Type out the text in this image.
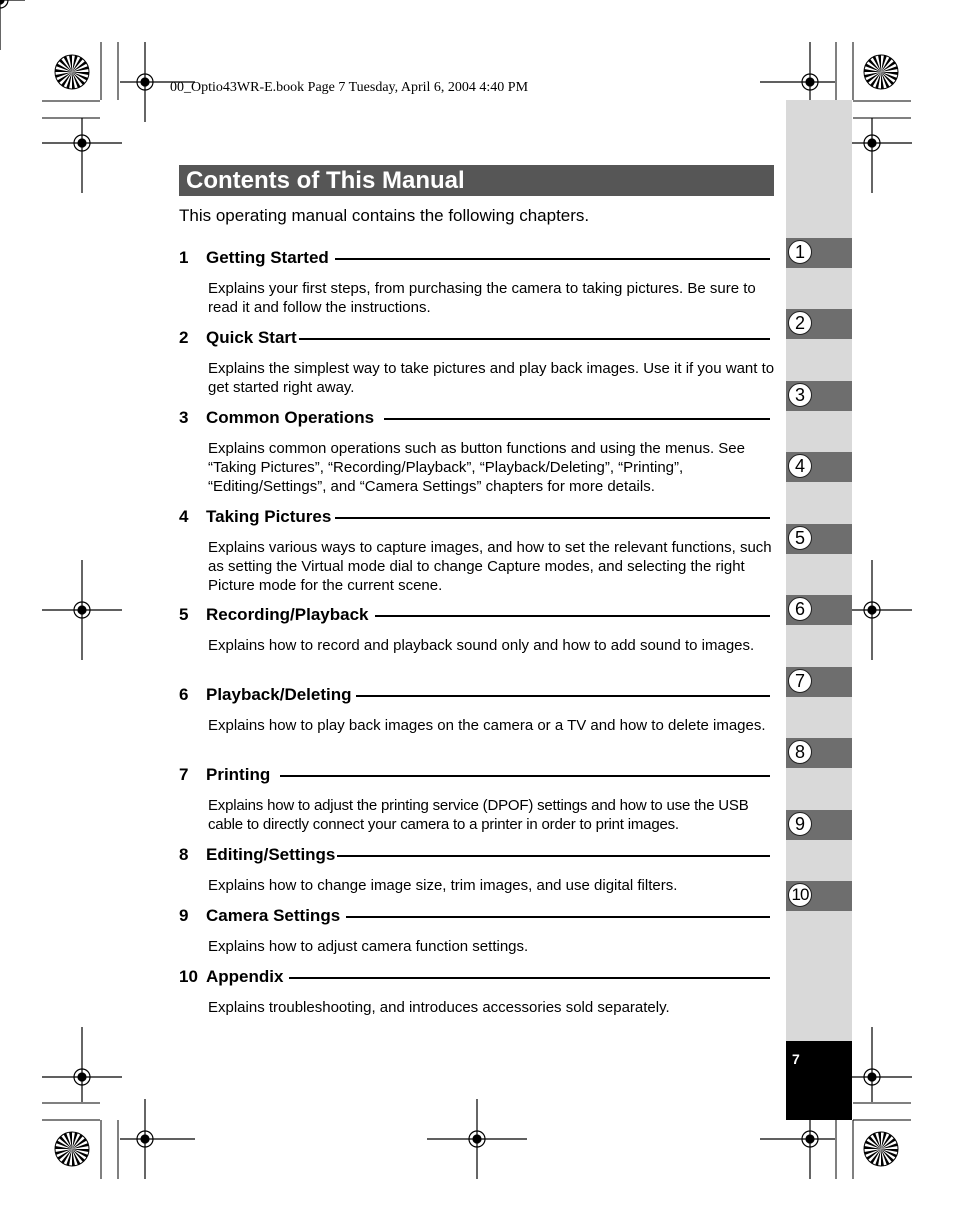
00_Optio43WR-E.book Page 7 Tuesday, April 6, 2004 4:40 PM
Contents of This Manual
This operating manual contains the following chapters.
1	Getting Started
Explains your first steps, from purchasing the camera to taking pictures. Be sure to read it and follow the instructions.
2	Quick Start
Explains the simplest way to take pictures and play back images. Use it if you want to get started right away.
3	Common Operations
Explains common operations such as button functions and using the menus. See “Taking Pictures”, “Recording/Playback”, “Playback/Deleting”, “Printing”, “Editing/Settings”, and “Camera Settings” chapters for more details.
4	Taking Pictures
Explains various ways to capture images, and how to set the relevant functions, such as setting the Virtual mode dial to change Capture modes, and selecting the right Picture mode for the current scene.
5	Recording/Playback
Explains how to record and playback sound only and how to add sound to images.
6	Playback/Deleting
Explains how to play back images on the camera or a TV and how to delete images.
7	Printing
Explains how to adjust the printing service (DPOF) settings and how to use the USB cable to directly connect your camera to a printer in order to print images.
8	Editing/Settings
Explains how to change image size, trim images, and use digital filters.
9	Camera Settings
Explains how to adjust camera function settings.
10 Appendix
Explains troubleshooting, and introduces accessories sold separately.
1
2
3
4
5
6
7
8
9
10
7
